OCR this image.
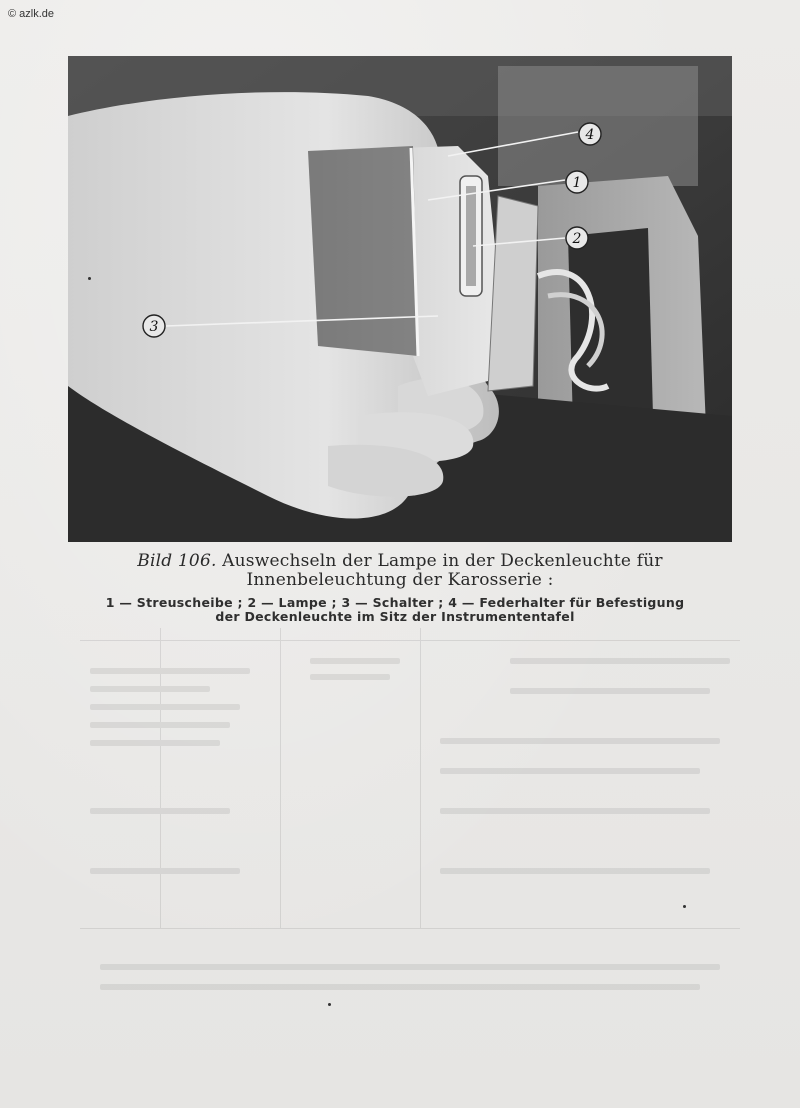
© azlk.de
4
1
2
3
Bild 106. Auswechseln der Lampe in der Deckenleuchte für
Innenbeleuchtung der Karosserie :
1 — Streuscheibe ; 2 — Lampe ; 3 — Schalter ; 4 — Federhalter für Befestigung
der Deckenleuchte im Sitz der Instrumententafel
